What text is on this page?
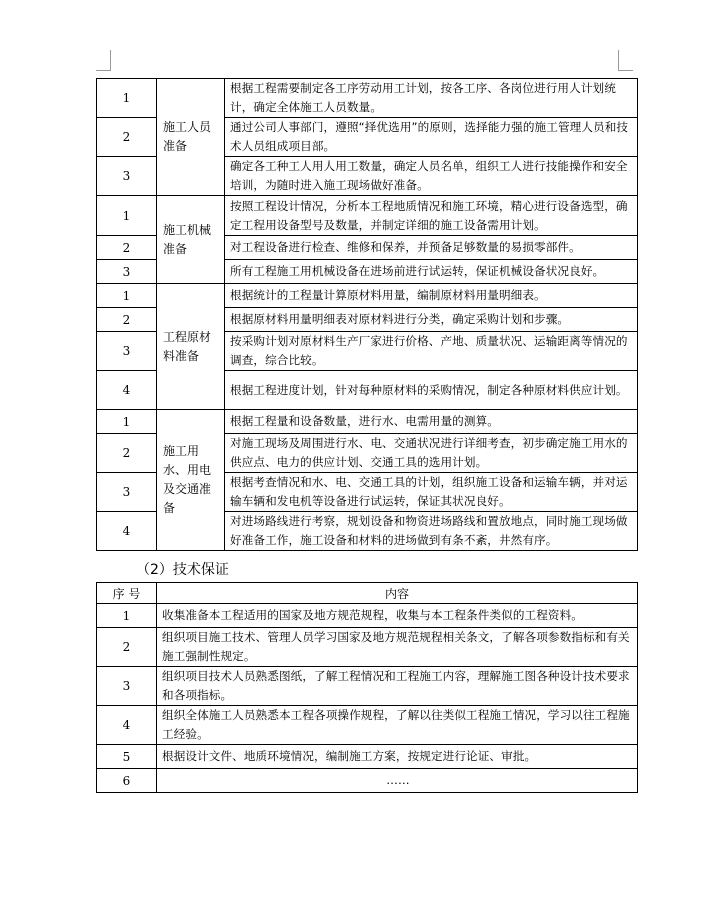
1	施工人员准备	根据工程需要制定各工序劳动用工计划，按各工序、各岗位进行用人计划统计，确定全体施工人员数量。
2		通过公司人事部门，遵照“择优选用”的原则，选择能力强的施工管理人员和技术人员组成项目部。
3		确定各工种工人用人用工数量，确定人员名单，组织工人进行技能操作和安全培训，为随时进入施工现场做好准备。
1	施工机械准备	按照工程设计情况，分析本工程地质情况和施工环境，精心进行设备选型，确定工程用设备型号及数量，并制定详细的施工设备需用计划。
2		对工程设备进行检查、维修和保养，并预备足够数量的易损零部件。
3		所有工程施工用机械设备在进场前进行试运转，保证机械设备状况良好。
1	工程原材料准备	根据统计的工程量计算原材料用量，编制原材料用量明细表。
2		根据原材料用量明细表对原材料进行分类，确定采购计划和步骤。
3		按采购计划对原材料生产厂家进行价格、产地、质量状况、运输距离等情况的调查，综合比较。
4		根据工程进度计划，针对每种原材料的采购情况，制定各种原材料供应计划。
1	施工用水、用电及交通准备	根据工程量和设备数量，进行水、电需用量的测算。
2		对施工现场及周围进行水、电、交通状况进行详细考查，初步确定施工用水的供应点、电力的供应计划、交通工具的选用计划。
3		根据考查情况和水、电、交通工具的计划，组织施工设备和运输车辆，并对运输车辆和发电机等设备进行试运转，保证其状况良好。
4		对进场路线进行考察，规划设备和物资进场路线和置放地点，同时施工现场做好准备工作，施工设备和材料的进场做到有条不紊，井然有序。
（2）技术保证
序 号	内容
1	收集准备本工程适用的国家及地方规范规程，收集与本工程条件类似的工程资料。
2	组织项目施工技术、管理人员学习国家及地方规范规程相关条文，了解各项参数指标和有关施工强制性规定。
3	组织项目技术人员熟悉图纸，了解工程情况和工程施工内容，理解施工图各种设计技术要求和各项指标。
4	组织全体施工人员熟悉本工程各项操作规程，了解以往类似工程施工情况，学习以往工程施工经验。
5	根据设计文件、地质环境情况，编制施工方案，按规定进行论证、审批。
6	……
